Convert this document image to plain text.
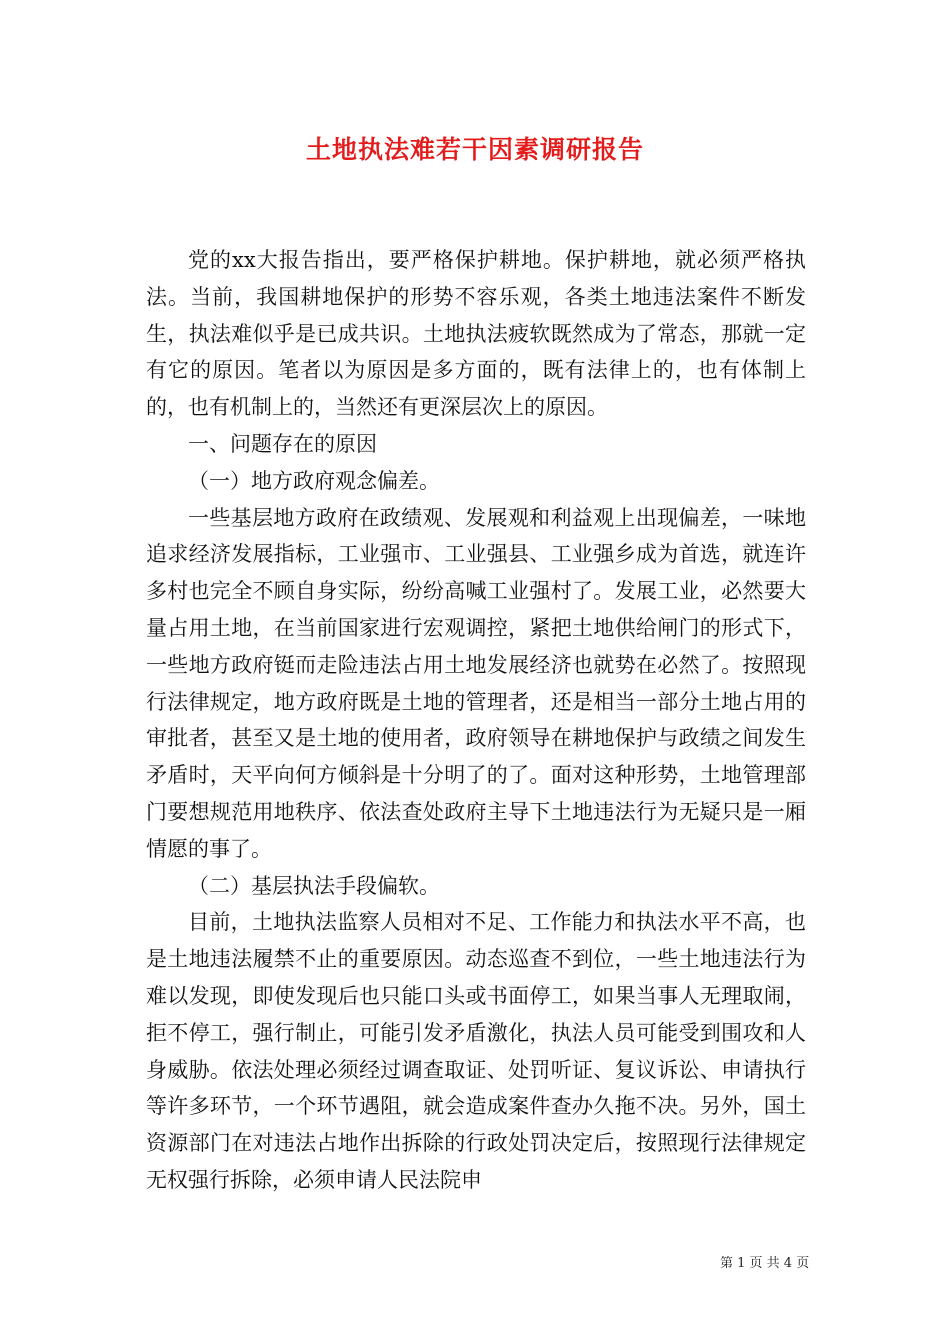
土地执法难若干因素调研报告

党的xx大报告指出，要严格保护耕地。保护耕地，就必须严格执法。当前，我国耕地保护的形势不容乐观，各类土地违法案件不断发生，执法难似乎是已成共识。土地执法疲软既然成为了常态，那就一定有它的原因。笔者以为原因是多方面的，既有法律上的，也有体制上的，也有机制上的，当然还有更深层次上的原因。

一、问题存在的原因

（一）地方政府观念偏差。

一些基层地方政府在政绩观、发展观和利益观上出现偏差，一味地追求经济发展指标，工业强市、工业强县、工业强乡成为首选，就连许多村也完全不顾自身实际，纷纷高喊工业强村了。发展工业，必然要大量占用土地，在当前国家进行宏观调控，紧把土地供给闸门的形式下，一些地方政府铤而走险违法占用土地发展经济也就势在必然了。按照现行法律规定，地方政府既是土地的管理者，还是相当一部分土地占用的审批者，甚至又是土地的使用者，政府领导在耕地保护与政绩之间发生矛盾时，天平向何方倾斜是十分明了的了。面对这种形势，土地管理部门要想规范用地秩序、依法查处政府主导下土地违法行为无疑只是一厢情愿的事了。

（二）基层执法手段偏软。

目前，土地执法监察人员相对不足、工作能力和执法水平不高，也是土地违法履禁不止的重要原因。动态巡查不到位，一些土地违法行为难以发现，即使发现后也只能口头或书面停工，如果当事人无理取闹，拒不停工，强行制止，可能引发矛盾激化，执法人员可能受到围攻和人身威胁。依法处理必须经过调查取证、处罚听证、复议诉讼、申请执行等许多环节，一个环节遇阻，就会造成案件查办久拖不决。另外，国土资源部门在对违法占地作出拆除的行政处罚决定后，按照现行法律规定无权强行拆除，必须申请人民法院申

第 1 页 共 4 页
